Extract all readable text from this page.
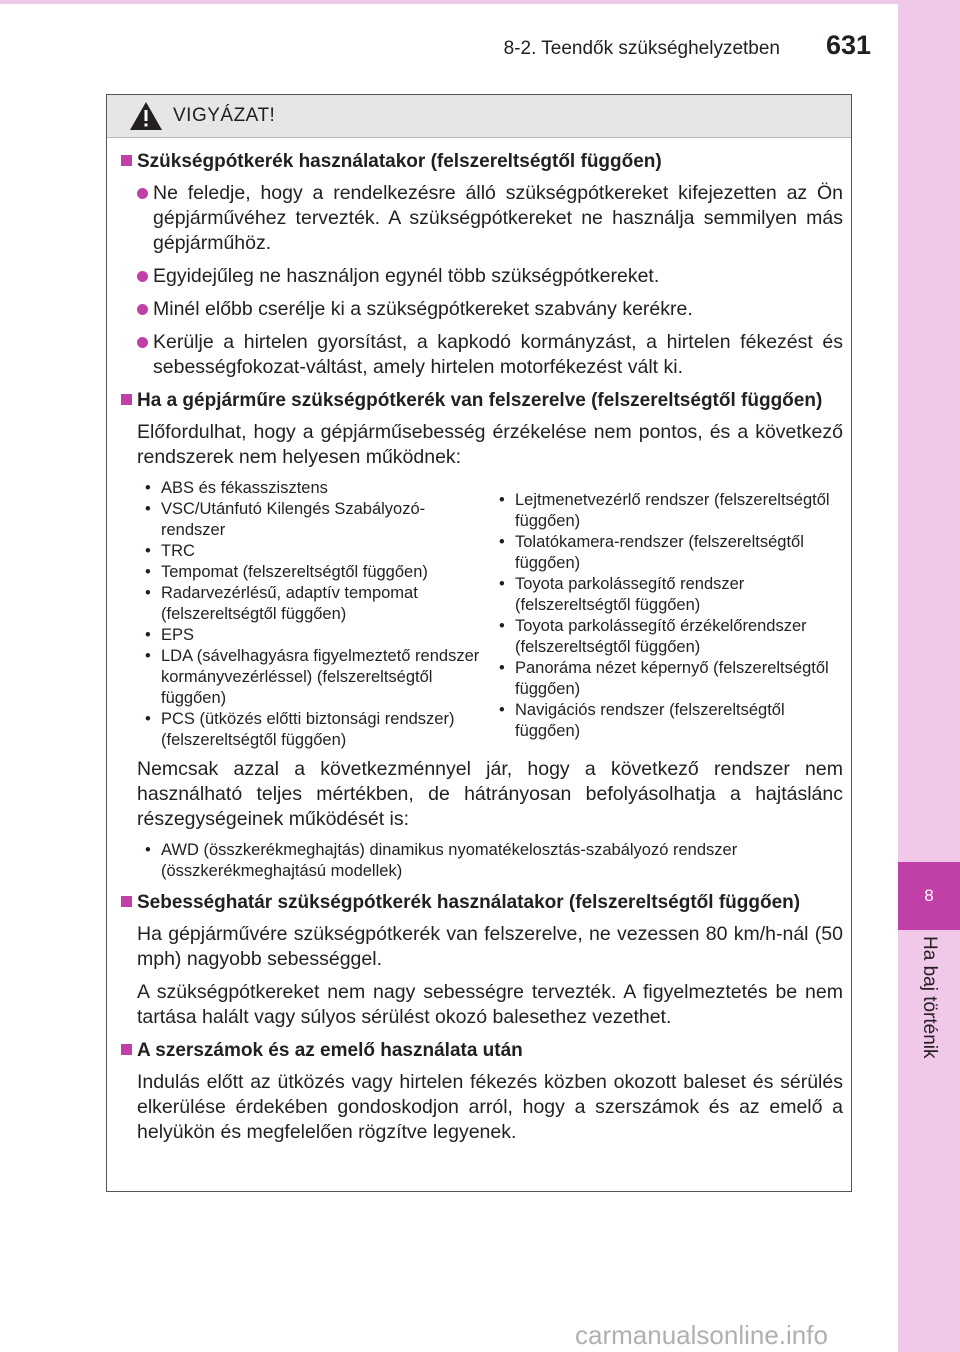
8-2. Teendők szükséghelyzetben 631
8
Ha baj történik
VIGYÁZAT!
Szükségpótkerék használatakor (felszereltségtől függően)
Ne feledje, hogy a rendelkezésre álló szükségpótkereket kifejezetten az Ön gépjárművéhez tervezték. A szükségpótkereket ne használja semmilyen más gépjárműhöz.
Egyidejűleg ne használjon egynél több szükségpótkereket.
Minél előbb cserélje ki a szükségpótkereket szabvány kerékre.
Kerülje a hirtelen gyorsítást, a kapkodó kormányzást, a hirtelen fékezést és sebességfokozat-váltást, amely hirtelen motorfékezést vált ki.
Ha a gépjárműre szükségpótkerék van felszerelve (felszereltségtől függően)
Előfordulhat, hogy a gépjárműsebesség érzékelése nem pontos, és a következő rendszerek nem helyesen működnek:
• ABS és fékasszisztens
• VSC/Utánfutó Kilengés Szabályozó-rendszer
• TRC
• Tempomat (felszereltségtől függően)
• Radarvezérlésű, adaptív tempomat (felszereltségtől függően)
• EPS
• LDA (sávelhagyásra figyelmeztető rendszer kormányvezérléssel) (felszereltségtől függően)
• PCS (ütközés előtti biztonsági rendszer) (felszereltségtől függően)
• Lejtmenetvezérlő rendszer (felszereltségtől függően)
• Tolatókamera-rendszer (felszereltségtől függően)
• Toyota parkolássegítő rendszer (felszereltségtől függően)
• Toyota parkolássegítő érzékelőrendszer (felszereltségtől függően)
• Panoráma nézet képernyő (felszereltségtől függően)
• Navigációs rendszer (felszereltségtől függően)
Nemcsak azzal a következménnyel jár, hogy a következő rendszer nem használható teljes mértékben, de hátrányosan befolyásolhatja a hajtáslánc részegységeinek működését is:
• AWD (összkerékmeghajtás) dinamikus nyomatékelosztás-szabályozó rendszer (összkerékmeghajtású modellek)
Sebességhatár szükségpótkerék használatakor (felszereltségtől függően)
Ha gépjárművére szükségpótkerék van felszerelve, ne vezessen 80 km/h-nál (50 mph) nagyobb sebességgel.
A szükségpótkereket nem nagy sebességre tervezték. A figyelmeztetés be nem tartása halált vagy súlyos sérülést okozó balesethez vezethet.
A szerszámok és az emelő használata után
Indulás előtt az ütközés vagy hirtelen fékezés közben okozott baleset és sérülés elkerülése érdekében gondoskodjon arról, hogy a szerszámok és az emelő a helyükön és megfelelően rögzítve legyenek.
carmanualsonline.info
